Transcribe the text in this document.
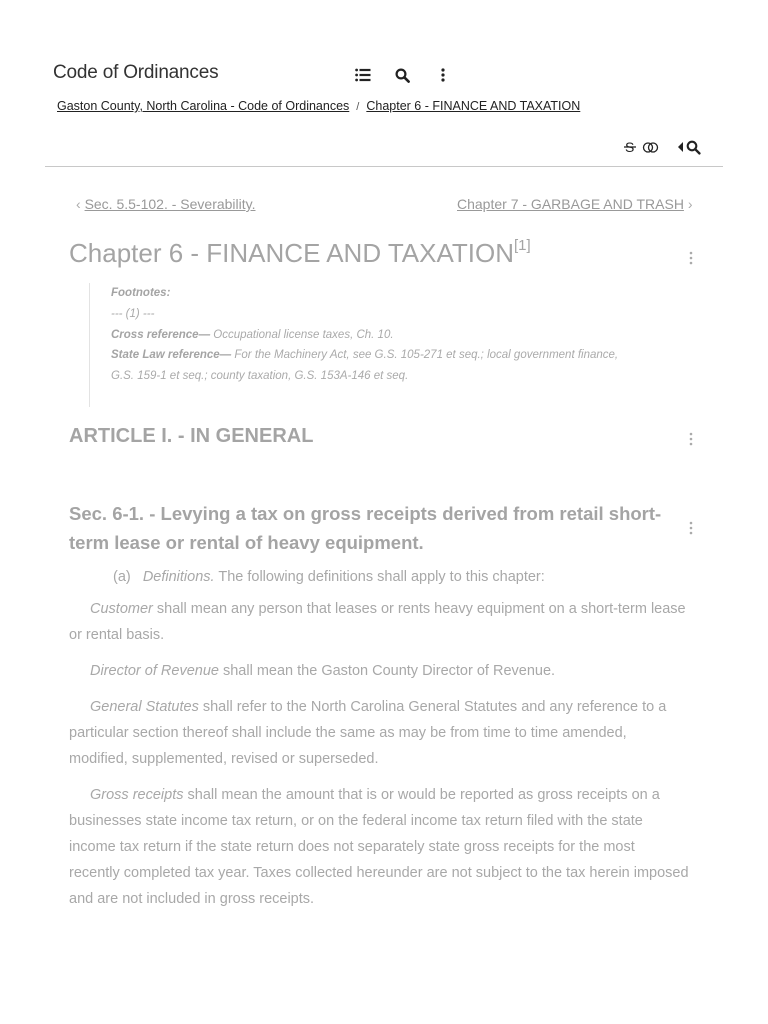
Code of Ordinances
Gaston County, North Carolina - Code of Ordinances / Chapter 6 - FINANCE AND TAXATION
S
‹ Sec. 5.5-102. - Severability.	Chapter 7 - GARBAGE AND TRASH ›
Chapter 6 - FINANCE AND TAXATION[1]
Footnotes:
--- (1) ---
Cross reference— Occupational license taxes, Ch. 10.
State Law reference— For the Machinery Act, see G.S. 105-271 et seq.; local government finance,
G.S. 159-1 et seq.; county taxation, G.S. 153A-146 et seq.
ARTICLE I. - IN GENERAL
Sec. 6-1. - Levying a tax on gross receipts derived from retail short-
term lease or rental of heavy equipment.
(a) Definitions. The following definitions shall apply to this chapter:
Customer shall mean any person that leases or rents heavy equipment on a short-term lease or rental basis.
Director of Revenue shall mean the Gaston County Director of Revenue.
General Statutes shall refer to the North Carolina General Statutes and any reference to a particular section thereof shall include the same as may be from time to time amended, modified, supplemented, revised or superseded.
Gross receipts shall mean the amount that is or would be reported as gross receipts on a businesses state income tax return, or on the federal income tax return filed with the state income tax return if the state return does not separately state gross receipts for the most recently completed tax year. Taxes collected hereunder are not subject to the tax herein imposed and are not included in gross receipts.
